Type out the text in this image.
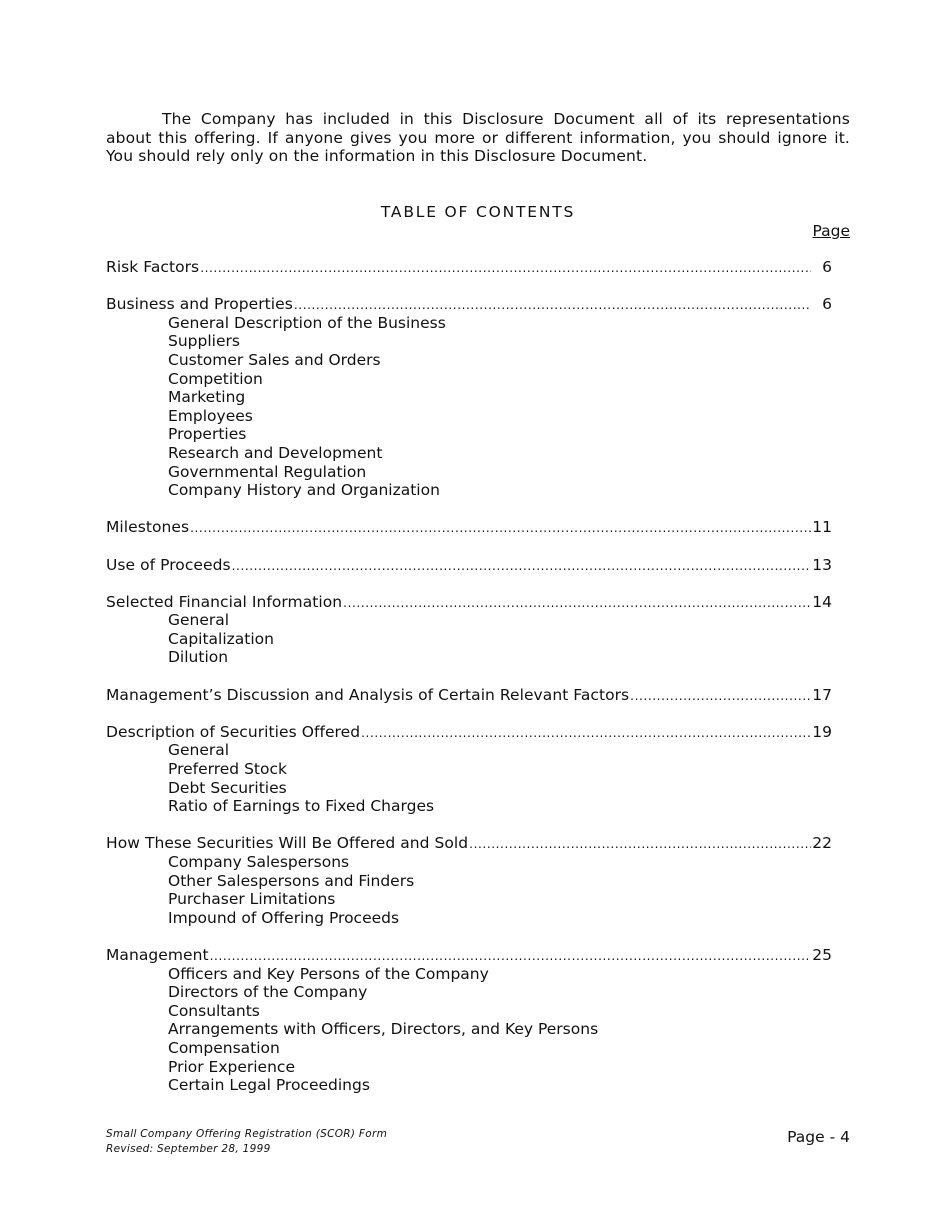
The Company has included in this Disclosure Document all of its representations about this offering. If anyone gives you more or different information, you should ignore it. You should rely only on the information in this Disclosure Document.

TABLE OF CONTENTS
Page
Risk Factors .....	6
Business and Properties .....	6
General Description of the Business
Suppliers
Customer Sales and Orders
Competition
Marketing
Employees
Properties
Research and Development
Governmental Regulation
Company History and Organization
Milestones .....	11
Use of Proceeds .....	13
Selected Financial Information .....	14
General
Capitalization
Dilution
Management’s Discussion and Analysis of Certain Relevant Factors .....	17
Description of Securities Offered .....	19
General
Preferred Stock
Debt Securities
Ratio of Earnings to Fixed Charges
How These Securities Will Be Offered and Sold .....	22
Company Salespersons
Other Salespersons and Finders
Purchaser Limitations
Impound of Offering Proceeds
Management .....	25
Officers and Key Persons of the Company
Directors of the Company
Consultants
Arrangements with Officers, Directors, and Key Persons
Compensation
Prior Experience
Certain Legal Proceedings
Small Company Offering Registration (SCOR) Form
Revised: September 28, 1999
Page - 4
